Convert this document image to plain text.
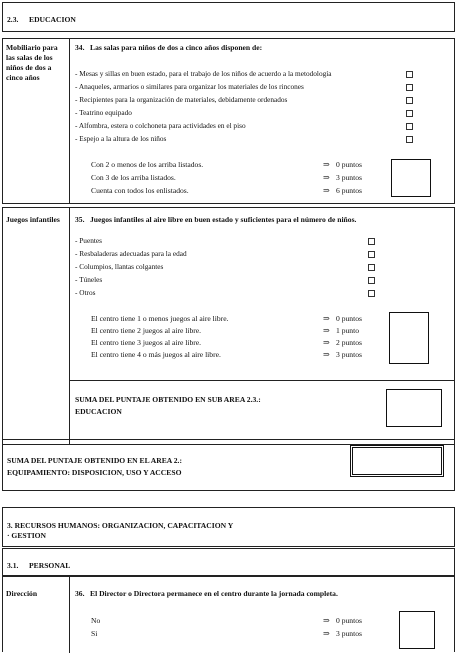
2.3. EDUCACION
Mobiliario para las salas de los niños de dos a cinco años
34. Las salas para niños de dos a cinco años disponen de:
- Mesas y sillas en buen estado, para el trabajo de los niños de acuerdo a la metodología
- Anaqueles, armarios o similares para organizar los materiales de los rincones
- Recipientes para la organización de materiales, debidamente ordenados
- Teatrino equipado
- Alfombra, estera o colchoneta para actividades en el piso
- Espejo a la altura de los niños
Con 2 o menos de los arriba listados.	⇒ 0 puntos
Con 3 de los arriba listados.	⇒ 3 puntos
Cuenta con todos los enlistados.	⇒ 6 puntos
Juegos infantiles 35. Juegos infantiles al aire libre en buen estado y suficientes para el número de niños.
- Puentes
- Resbaladeras adecuadas para la edad
- Columpios, llantas colgantes
- Túneles
- Otros
El centro tiene 1 o menos juegos al aire libre.	⇒ 0 puntos
El centro tiene 2 juegos al aire libre.	⇒ 1 punto
El centro tiene 3 juegos al aire libre.	⇒ 2 puntos
El centro tiene 4 o más juegos al aire libre.	⇒ 3 puntos
SUMA DEL PUNTAJE OBTENIDO EN SUB AREA 2.3.:
EDUCACION
SUMA DEL PUNTAJE OBTENIDO EN EL AREA 2.:
EQUIPAMIENTO: DISPOSICION, USO Y ACCESO
3. RECURSOS HUMANOS: ORGANIZACION, CAPACITACION Y
· GESTION
3.1. PERSONAL
Dirección	36. El Director o Directora permanece en el centro durante la jornada completa.
No	⇒ 0 puntos
Si	⇒ 3 puntos
